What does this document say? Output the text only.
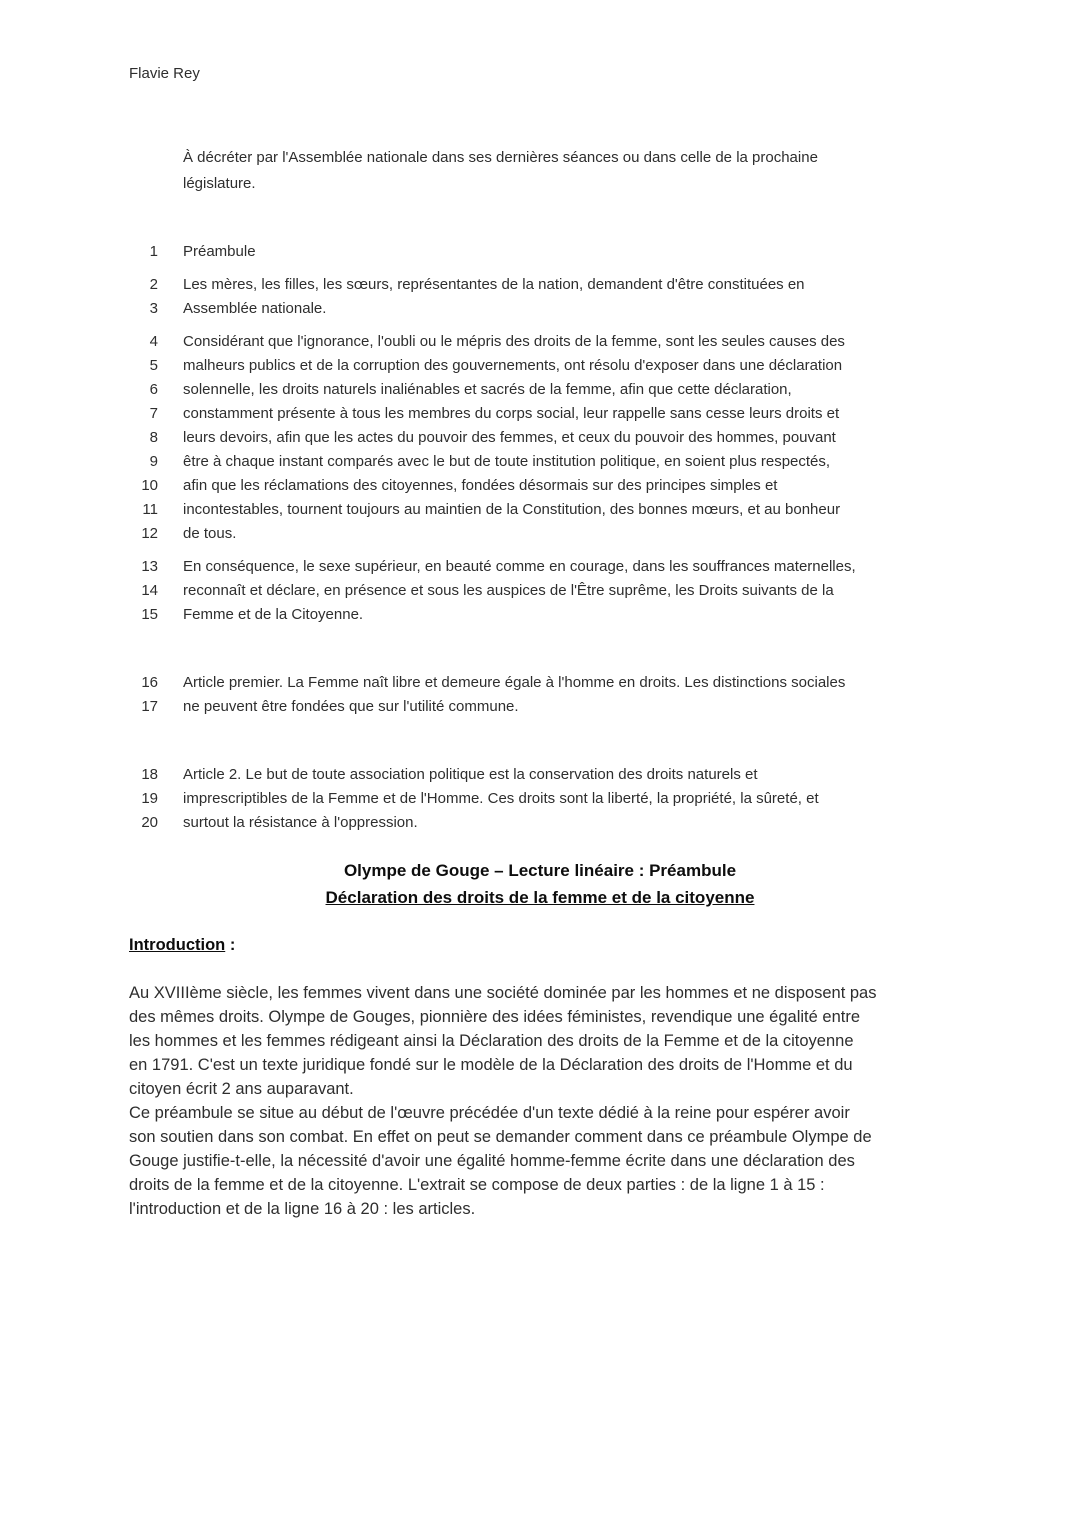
Flavie Rey
À décréter par l'Assemblée nationale dans ses dernières séances ou dans celle de la prochaine
législature.
1 Préambule
2 Les mères, les filles, les sœurs, représentantes de la nation, demandent d'être constituées en
3 Assemblée nationale.
4 Considérant que l'ignorance, l'oubli ou le mépris des droits de la femme, sont les seules causes des
5 malheurs publics et de la corruption des gouvernements, ont résolu d'exposer dans une déclaration
6 solennelle, les droits naturels inaliénables et sacrés de la femme, afin que cette déclaration,
7 constamment présente à tous les membres du corps social, leur rappelle sans cesse leurs droits et
8 leurs devoirs, afin que les actes du pouvoir des femmes, et ceux du pouvoir des hommes, pouvant
9 être à chaque instant comparés avec le but de toute institution politique, en soient plus respectés,
10 afin que les réclamations des citoyennes, fondées désormais sur des principes simples et
11 incontestables, tournent toujours au maintien de la Constitution, des bonnes mœurs, et au bonheur
12 de tous.
13 En conséquence, le sexe supérieur, en beauté comme en courage, dans les souffrances maternelles,
14 reconnaît et déclare, en présence et sous les auspices de l'Être suprême, les Droits suivants de la
15 Femme et de la Citoyenne.
16 Article premier. La Femme naît libre et demeure égale à l'homme en droits. Les distinctions sociales
17 ne peuvent être fondées que sur l'utilité commune.
18 Article 2. Le but de toute association politique est la conservation des droits naturels et
19 imprescriptibles de la Femme et de l'Homme. Ces droits sont la liberté, la propriété, la sûreté, et
20 surtout la résistance à l'oppression.
Olympe de Gouge – Lecture linéaire : Préambule
Déclaration des droits de la femme et de la citoyenne
Introduction :
Au XVIIIème siècle, les femmes vivent dans une société dominée par les hommes et ne disposent pas
des mêmes droits. Olympe de Gouges, pionnière des idées féministes, revendique une égalité entre
les hommes et les femmes rédigeant ainsi la Déclaration des droits de la Femme et de la citoyenne
en 1791. C'est un texte juridique fondé sur le modèle de la Déclaration des droits de l'Homme et du
citoyen écrit 2 ans auparavant.
Ce préambule se situe au début de l'œuvre précédée d'un texte dédié à la reine pour espérer avoir
son soutien dans son combat. En effet on peut se demander comment dans ce préambule Olympe de
Gouge justifie-t-elle, la nécessité d'avoir une égalité homme-femme écrite dans une déclaration des
droits de la femme et de la citoyenne. L'extrait se compose de deux parties : de la ligne 1 à 15 :
l'introduction et de la ligne 16 à 20 : les articles.
